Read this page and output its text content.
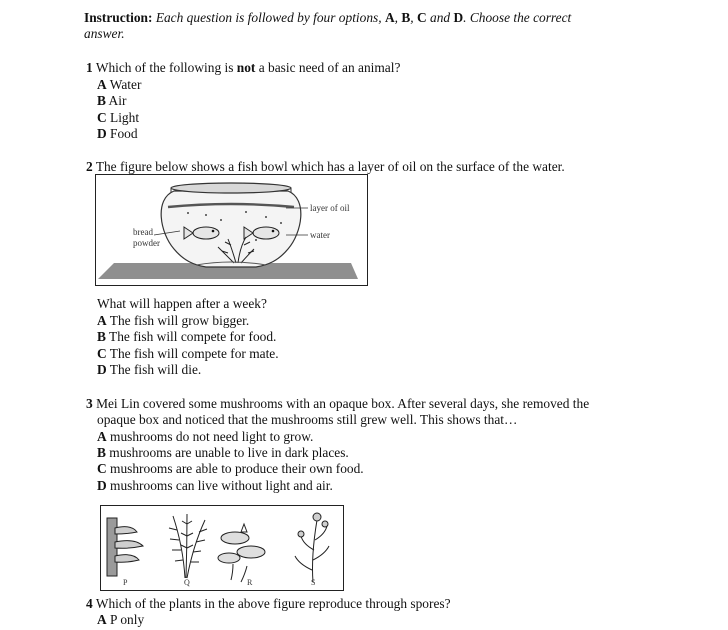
Instruction: Each question is followed by four options, A, B, C and D. Choose the correct
answer.
1 Which of the following is not a basic need of an animal?
A Water
B Air
C Light
D Food
2 The figure below shows a fish bowl which has a layer of oil on the surface of the water.
bread
powder
layer of oil
water
What will happen after a week?
A The fish will grow bigger.
B The fish will compete for food.
C The fish will compete for mate.
D The fish will die.
3 Mei Lin covered some mushrooms with an opaque box. After several days, she removed the
opaque box and noticed that the mushrooms still grew well. This shows that…
A mushrooms do not need light to grow.
B mushrooms are unable to live in dark places.
C mushrooms are able to produce their own food.
D mushrooms can live without light and air.
P	Q	R	S
4 Which of the plants in the above figure reproduce through spores?
A P only
